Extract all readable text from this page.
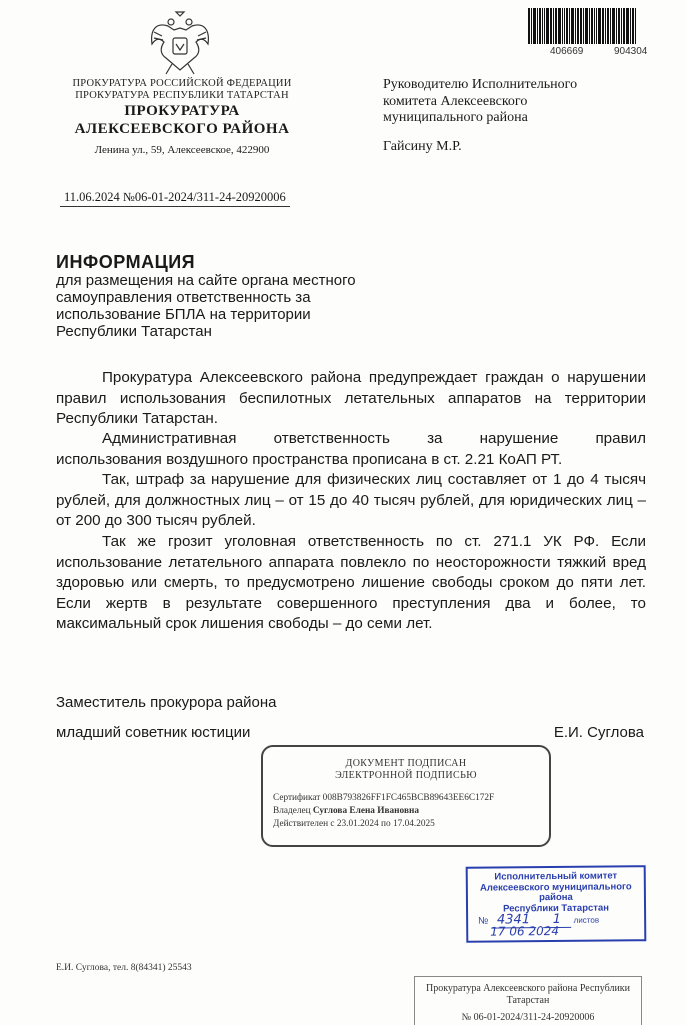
ПРОКУРАТУРА РОССИЙСКОЙ ФЕДЕРАЦИИ
ПРОКУРАТУРА РЕСПУБЛИКИ ТАТАРСТАН
ПРОКУРАТУРА
АЛЕКСЕЕВСКОГО РАЙОНА
Ленина ул., 59, Алексеевское, 422900
406669	904304
Руководителю Исполнительного
комитета Алексеевского
муниципального района
Гайсину М.Р.
11.06.2024 №06-01-2024/311-24-20920006
ИНФОРМАЦИЯ
для размещения на сайте органа местного
самоуправления ответственность за
использование БПЛА на территории
Республики Татарстан
Прокуратура Алексеевского района предупреждает граждан о нарушении правил использования беспилотных летательных аппаратов на территории Республики Татарстан.
Административная ответственность за нарушение правил
использования воздушного пространства прописана в ст. 2.21 КоАП РТ.
Так, штраф за нарушение для физических лиц составляет от 1 до 4 тысяч рублей, для должностных лиц – от 15 до 40 тысяч рублей, для юридических лиц – от 200 до 300 тысяч рублей.
Так же грозит уголовная ответственность по ст. 271.1 УК РФ. Если использование летательного аппарата повлекло по неосторожности тяжкий вред здоровью или смерть, то предусмотрено лишение свободы сроком до пяти лет. Если жертв в результате совершенного преступления два и более, то максимальный срок лишения свободы – до семи лет.
Заместитель прокурора района
младший советник юстиции	Е.И. Суглова
ДОКУМЕНТ ПОДПИСАН
ЭЛЕКТРОННОЙ ПОДПИСЬЮ
Сертификат 008B793826FF1FC465BCB89643EE6C172F
Владелец Суглова Елена Ивановна
Действителен с 23.01.2024 по 17.04.2025
Исполнительный комитет
Алексеевского муниципального района
Республики Татарстан
№ 4341 1 листов
17 06 2024
Е.И. Суглова, тел. 8(84341) 25543
Прокуратура Алексеевского района Республики
Татарстан
№ 06-01-2024/311-24-20920006
